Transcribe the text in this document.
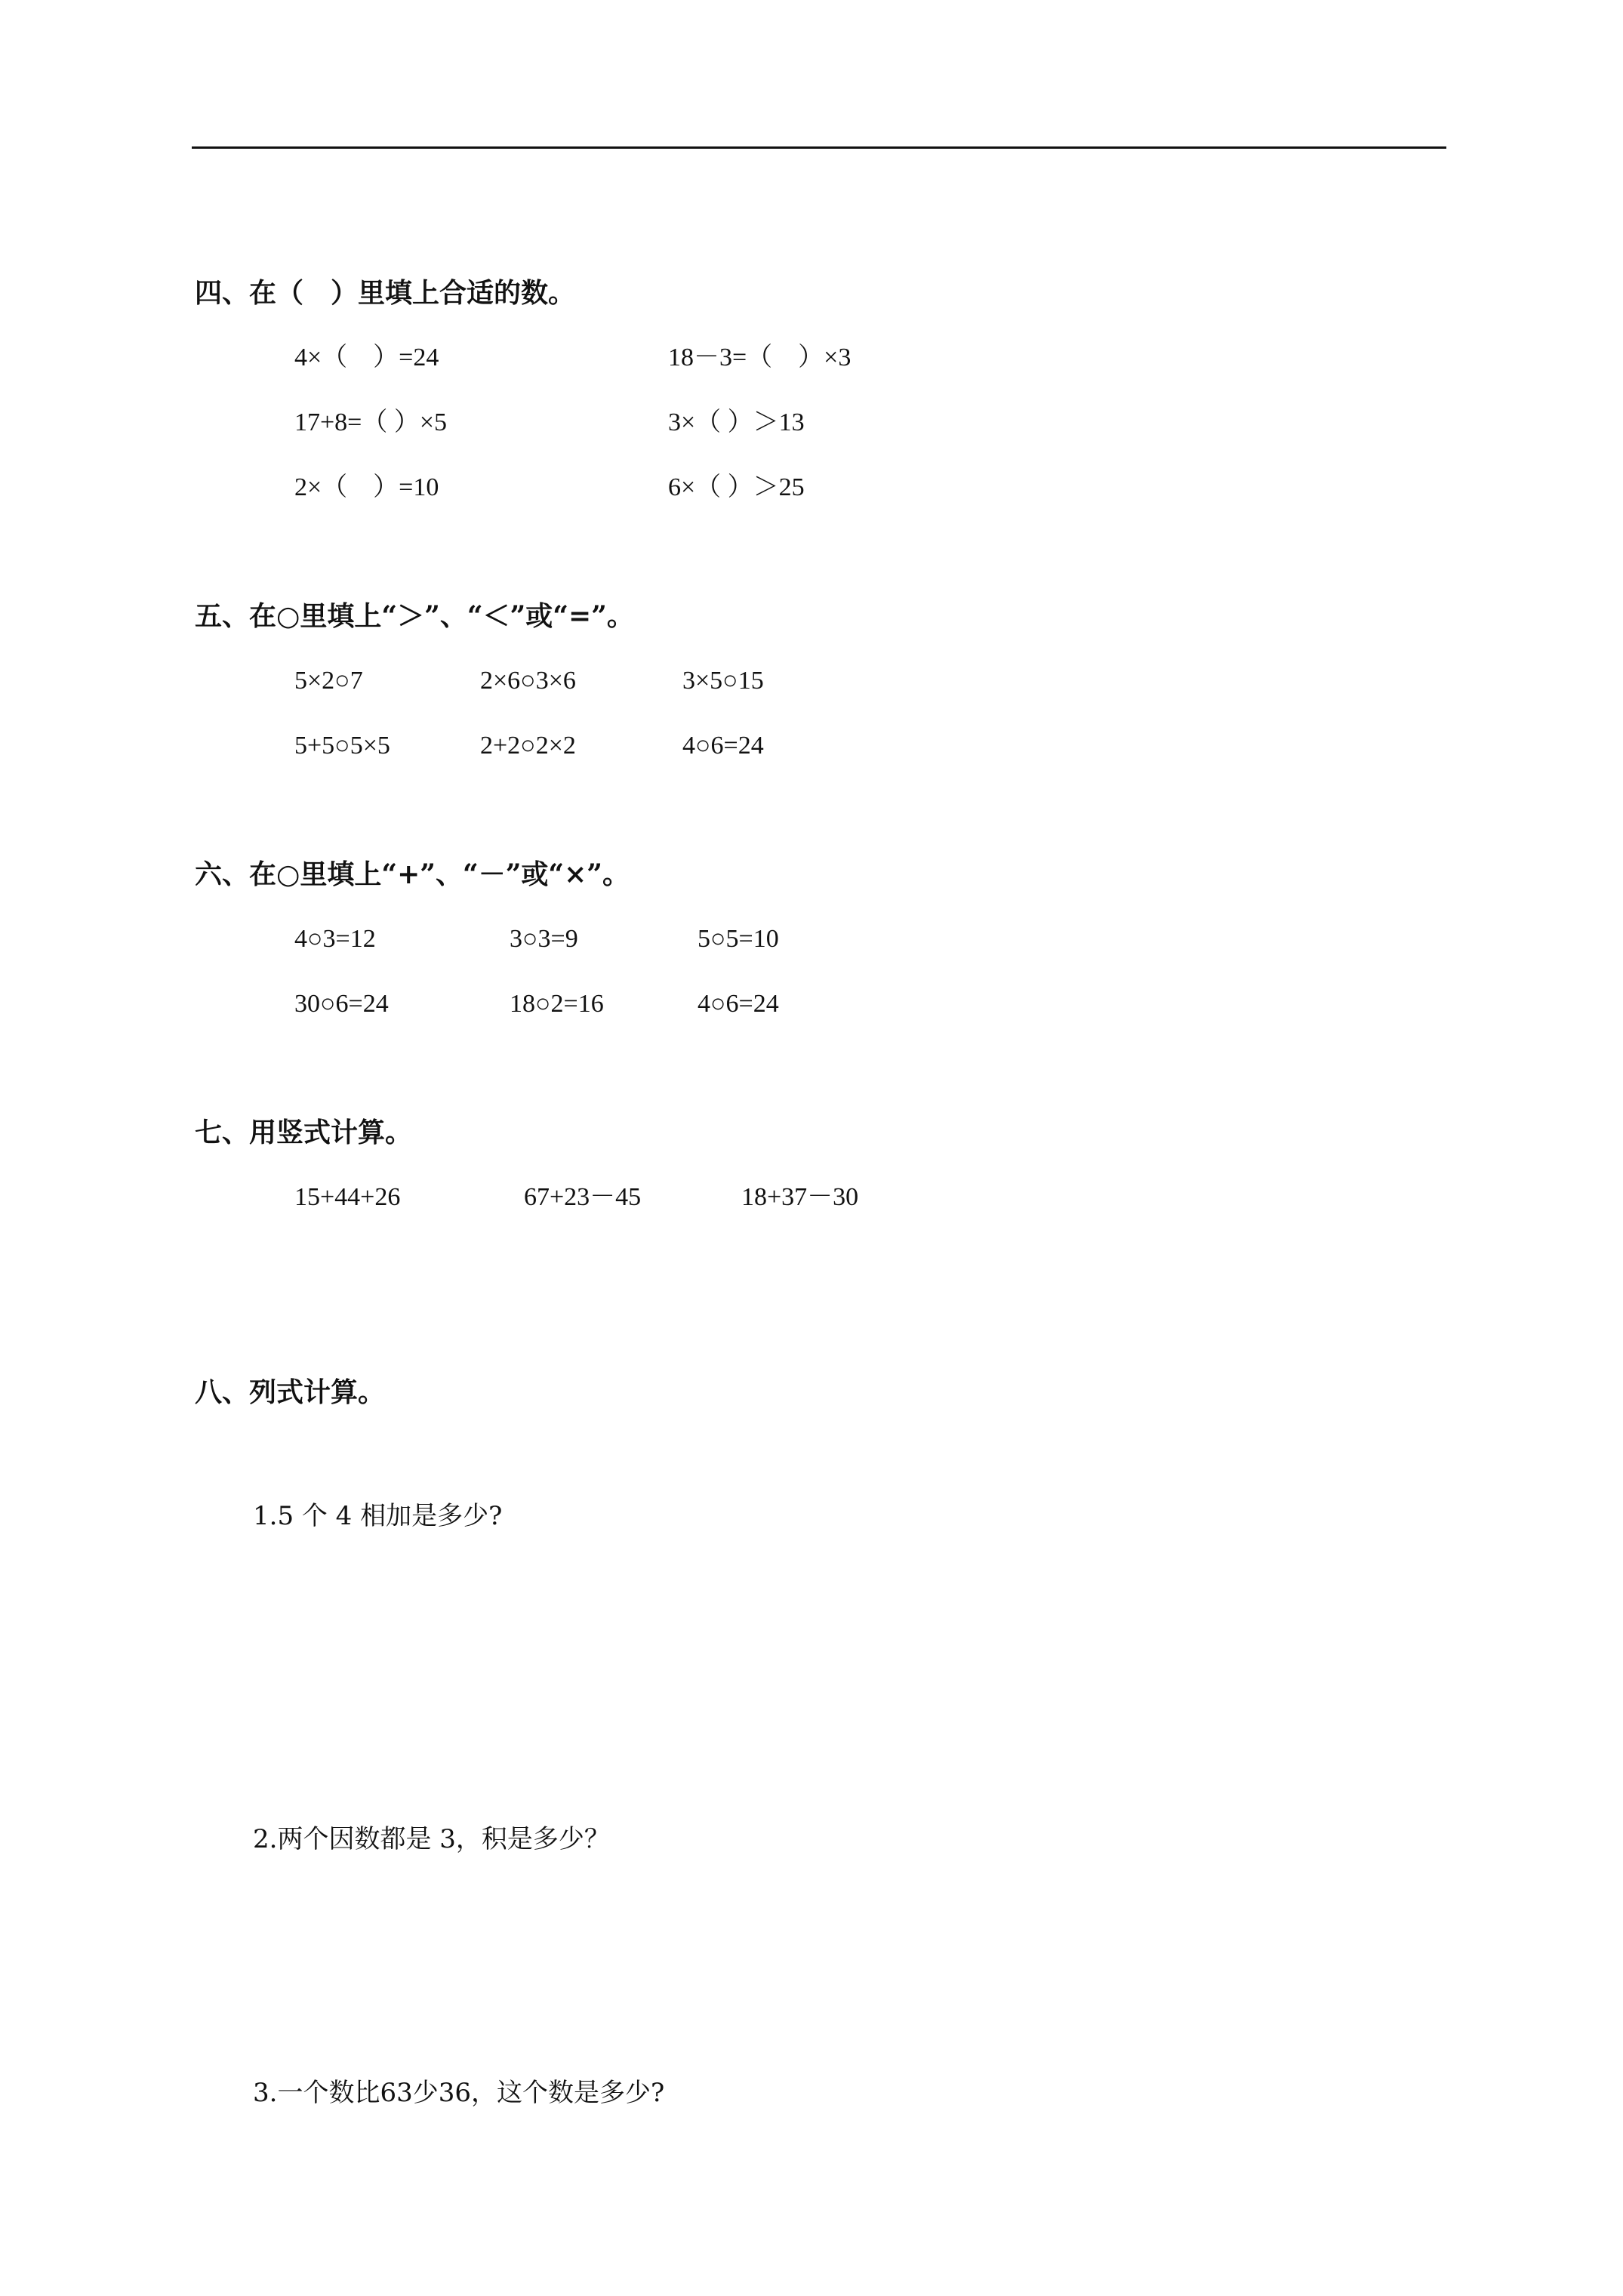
四、在（　）里填上合适的数。
4×（　）=24	18－3=（　）×3
17+8=（ ）×5	3×（ ）＞13
2×（　）=10	6×（ ）＞25
五、在○里填上“＞”、“＜”或“=”。
5×2○7	2×6○3×6	3×5○15
5+5○5×5	2+2○2×2	4○6=24
六、在○里填上“+”、“－”或“×”。
4○3=12	3○3=9	5○5=10
30○6=24	18○2=16	4○6=24
七、用竖式计算。
15+44+26	67+23－45	18+37－30
八、列式计算。
1.5 个 4 相加是多少?
2.两个因数都是 3，积是多少？
3.一个数比63少36，这个数是多少?
